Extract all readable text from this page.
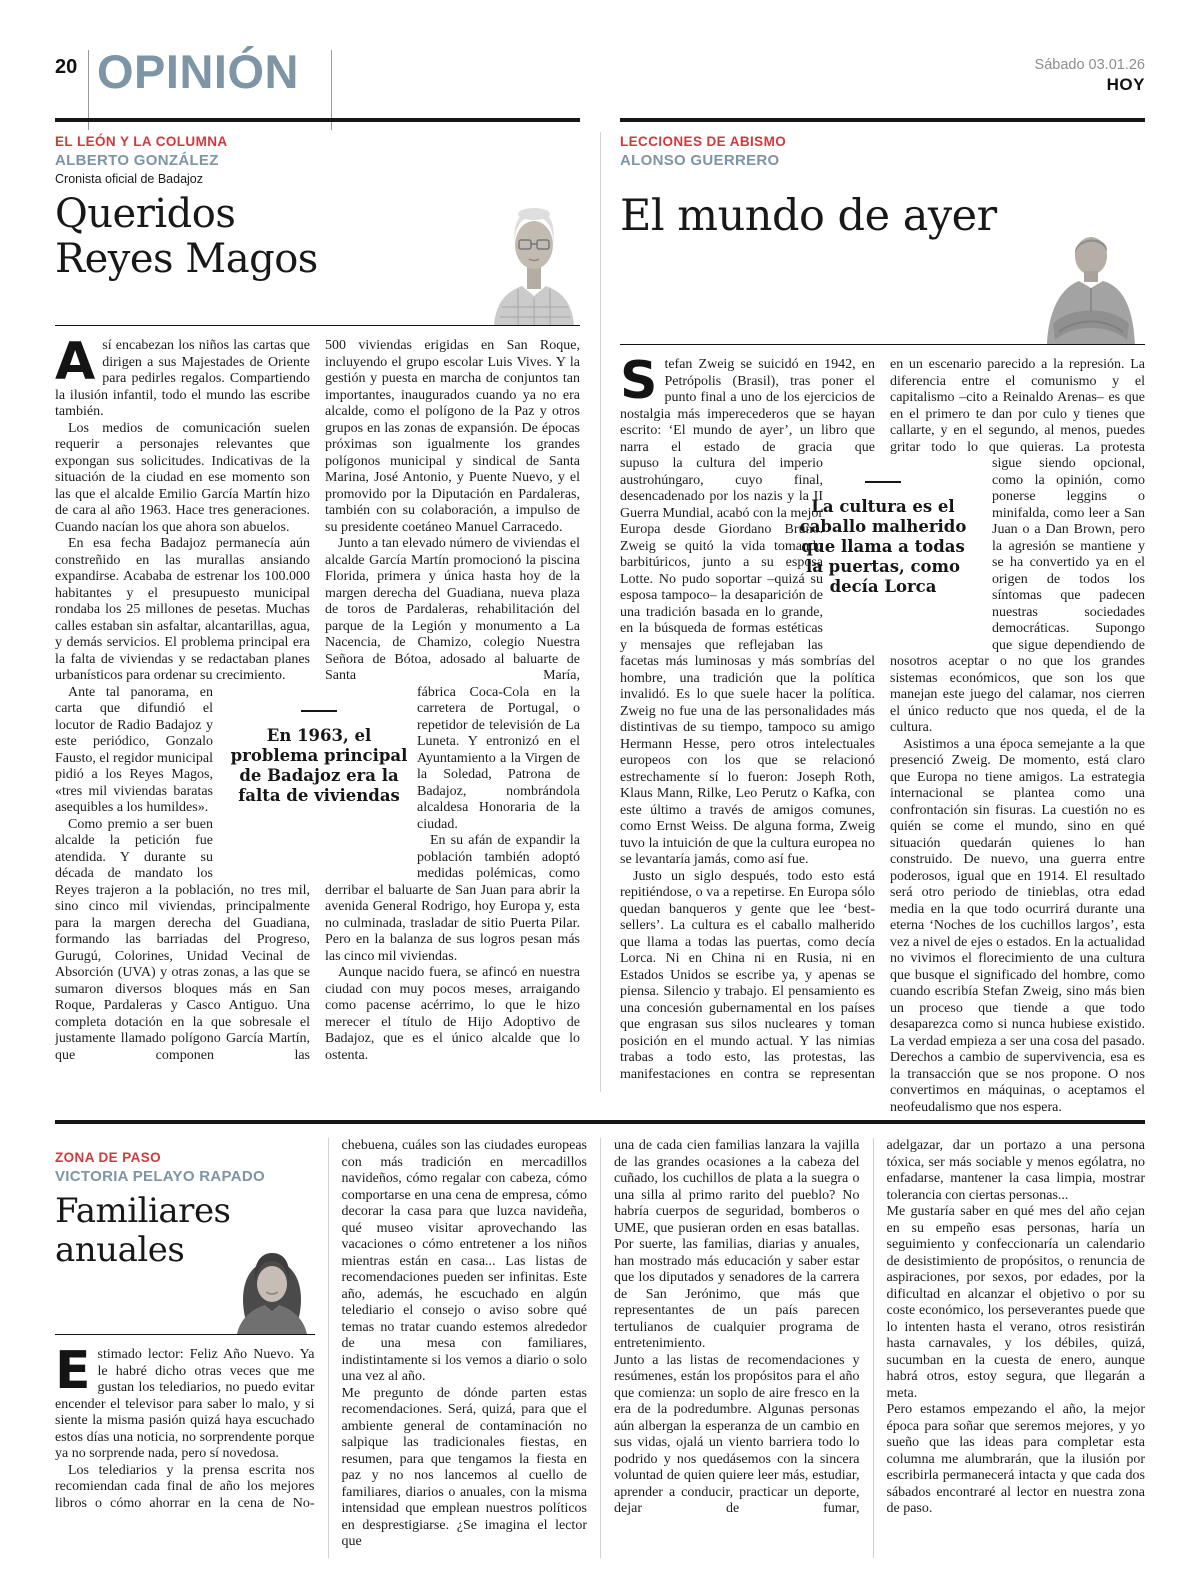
20 OPINIÓN	Sábado 03.01.26
HOY
EL LEÓN Y LA COLUMNA
ALBERTO GONZÁLEZ
Cronista oficial de Badajoz
Queridos Reyes Magos
En 1963, el problema principal de Badajoz era la falta de viviendas

Así encabezan los niños las cartas que dirigen a sus Majestades de Oriente para pedirles regalos. Compartiendo la ilusión infantil, todo el mundo las escribe también.

Los medios de comunicación suelen requerir a personajes relevantes que expongan sus solicitudes. Indicativas de la situación de la ciudad en ese momento son las que el alcalde Emilio García Martín hizo de cara al año 1963. Hace tres generaciones. Cuando nacían los que ahora son abuelos.

En esa fecha Badajoz permanecía aún constreñido en las murallas ansiando expandirse. Acababa de estrenar los 100.000 habitantes y el presupuesto municipal rondaba los 25 millones de pesetas. Muchas calles estaban sin asfaltar, alcantarillas, agua, y demás servicios. El problema principal era la falta de viviendas y se redactaban planes urbanísticos para ordenar su crecimiento.

Ante tal panorama, en carta que difundió el locutor de Radio Badajoz y este periódico, Gonzalo Fausto, el regidor municipal pidió a los Reyes Magos, «tres mil viviendas baratas asequibles a los humildes».

Como premio a ser buen alcalde la petición fue atendida. Y durante su década de mandato los Reyes trajeron a la población, no tres mil, sino cinco mil viviendas, principalmente para la margen derecha del Guadiana, formando las barriadas del Progreso, Gurugú, Colorines, Unidad Vecinal de Absorción (UVA) y otras zonas, a las que se sumaron diversos bloques más en San Roque, Pardaleras y Casco Antiguo. Una completa dotación en la que sobresale el justamente llamado polígono García Martín, que componen las

500 viviendas erigidas en San Roque, incluyendo el grupo escolar Luis Vives. Y la gestión y puesta en marcha de conjuntos tan importantes, inaugurados cuando ya no era alcalde, como el polígono de la Paz y otros grupos en las zonas de expansión. De épocas próximas son igualmente los grandes polígonos municipal y sindical de Santa Marina, José Antonio, y Puente Nuevo, y el promovido por la Diputación en Pardaleras, también con su colaboración, a impulso de su presidente coetáneo Manuel Carracedo.

Junto a tan elevado número de viviendas el alcalde García Martín promocionó la piscina Florida, primera y única hasta hoy de la margen derecha del Guadiana, nueva plaza de toros de Pardaleras, rehabilitación del parque de la Legión y monumento a La Nacencia, de Chamizo, colegio Nuestra Señora de Bótoa, adosado al baluarte de Santa María,

fábrica Coca-Cola en la carretera de Portugal, o repetidor de televisión de La Luneta. Y entronizó en el Ayuntamiento a la Virgen de la Soledad, Patrona de Badajoz, nombrándola alcaldesa Honoraria de la ciudad.

En su afán de expandir la población también adoptó medidas polémicas, como derribar el baluarte de San Juan para abrir la avenida General Rodrigo, hoy Europa y, esta no culminada, trasladar de sitio Puerta Pilar. Pero en la balanza de sus logros pesan más las cinco mil viviendas.

Aunque nacido fuera, se afincó en nuestra ciudad con muy pocos meses, arraigando como pacense acérrimo, lo que le hizo merecer el título de Hijo Adoptivo de Badajoz, que es el único alcalde que lo ostenta.

LECCIONES DE ABISMO
ALONSO GUERRERO
El mundo de ayer
La cultura es el caballo malherido que llama a todas la puertas, como decía Lorca

Stefan Zweig se suicidó en 1942, en Petrópolis (Brasil), tras poner el punto final a uno de los ejercicios de nostalgia más imperecederos que se hayan escrito: ‘El mundo de ayer’, un libro que narra el estado de gracia que

supuso la cultura del imperio austrohúngaro, cuyo final, desencadenado por los nazis y la II Guerra Mundial, acabó con la mejor Europa desde Giordano Bruno. Zweig se quitó la vida tomando barbitúricos, junto a su esposa Lotte. No pudo soportar –quizá su esposa tampoco– la desaparición de una tradición basada en lo grande, en la búsqueda de formas estéticas y mensajes que reflejaban las facetas más luminosas y más sombrías del hombre, una tradición que la política invalidó. Es lo que suele hacer la política. Zweig no fue una de las personalidades más distintivas de su tiempo, tampoco su amigo Hermann Hesse, pero otros intelectuales europeos con los que se relacionó estrechamente sí lo fueron: Joseph Roth, Klaus Mann, Rilke, Leo Perutz o Kafka, con este último a través de amigos comunes, como Ernst Weiss. De alguna forma, Zweig tuvo la intuición de que la cultura europea no se levantaría jamás, como así fue.

Justo un siglo después, todo esto está repitiéndose, o va a repetirse. En Europa sólo quedan banqueros y gente que lee ‘best-sellers’. La cultura es el caballo malherido que llama a todas las puertas, como decía Lorca. Ni en China ni en Rusia, ni en Estados Unidos se escribe ya, y apenas se piensa. Silencio y trabajo. El pensamiento es una concesión gubernamental en los países que engrasan sus silos nucleares y toman posición en el mundo actual. Y las nimias trabas a todo esto, las protestas, las manifestaciones en contra se representan

en un escenario parecido a la represión. La diferencia entre el comunismo y el capitalismo –cito a Reinaldo Arenas– es que en el primero te dan por culo y tienes que callarte, y en el segundo, al menos, puedes gritar todo lo que quieras. La protesta

sigue siendo opcional, como la opinión, como ponerse leggins o minifalda, como leer a San Juan o a Dan Brown, pero la agresión se mantiene y se ha convertido ya en el origen de todos los síntomas que padecen nuestras sociedades democráticas. Supongo que sigue dependiendo de nosotros aceptar o no que los grandes sistemas económicos, que son los que manejan este juego del calamar, nos cierren el único reducto que nos queda, el de la cultura.

Asistimos a una época semejante a la que presenció Zweig. De momento, está claro que Europa no tiene amigos. La estrategia internacional se plantea como una confrontación sin fisuras. La cuestión no es quién se come el mundo, sino en qué situación quedarán quienes lo han construido. De nuevo, una guerra entre poderosos, igual que en 1914. El resultado será otro periodo de tinieblas, otra edad media en la que todo ocurrirá durante una eterna ‘Noches de los cuchillos largos’, esta vez a nivel de ejes o estados. En la actualidad no vivimos el florecimiento de una cultura que busque el significado del hombre, como cuando escribía Stefan Zweig, sino más bien un proceso que tiende a que todo desaparezca como si nunca hubiese existido. La verdad empieza a ser una cosa del pasado. Derechos a cambio de supervivencia, esa es la transacción que se nos propone. O nos convertimos en máquinas, o aceptamos el neofeudalismo que nos espera.

ZONA DE PASO
VICTORIA PELAYO RAPADO
Familiares anuales

Estimado lector: Feliz Año Nuevo. Ya le habré dicho otras veces que me gustan los telediarios, no puedo evitar encender el televisor para saber lo malo, y si siente la misma pasión quizá haya escuchado estos días una noticia, no sorprendente porque ya no sorprende nada, pero sí novedosa.

Los telediarios y la prensa escrita nos recomiendan cada final de año los mejores libros o cómo ahorrar en la cena de No-

chebuena, cuáles son las ciudades europeas con más tradición en mercadillos navideños, cómo regalar con cabeza, cómo comportarse en una cena de empresa, cómo decorar la casa para que luzca navideña, qué museo visitar aprovechando las vacaciones o cómo entretener a los niños mientras están en casa... Las listas de recomendaciones pueden ser infinitas. Este año, además, he escuchado en algún telediario el consejo o aviso sobre qué temas no tratar cuando estemos alrededor de una mesa con familiares, indistintamente si los vemos a diario o solo una vez al año.

Me pregunto de dónde parten estas recomendaciones. Será, quizá, para que el ambiente general de contaminación no salpique las tradicionales fiestas, en resumen, para que tengamos la fiesta en paz y no nos lancemos al cuello de familiares, diarios o anuales, con la misma intensidad que emplean nuestros políticos en desprestigiarse. ¿Se imagina el lector que

una de cada cien familias lanzara la vajilla de las grandes ocasiones a la cabeza del cuñado, los cuchillos de plata a la suegra o una silla al primo rarito del pueblo? No habría cuerpos de seguridad, bomberos o UME, que pusieran orden en esas batallas. Por suerte, las familias, diarias y anuales, han mostrado más educación y saber estar que los diputados y senadores de la carrera de San Jerónimo, que más que representantes de un país parecen tertulianos de cualquier programa de entretenimiento.

Junto a las listas de recomendaciones y resúmenes, están los propósitos para el año que comienza: un soplo de aire fresco en la era de la podredumbre. Algunas personas aún albergan la esperanza de un cambio en sus vidas, ojalá un viento barriera todo lo podrido y nos quedásemos con la sincera voluntad de quien quiere leer más, estudiar, aprender a conducir, practicar un deporte, dejar de fumar,

adelgazar, dar un portazo a una persona tóxica, ser más sociable y menos ególatra, no enfadarse, mantener la casa limpia, mostrar tolerancia con ciertas personas...

Me gustaría saber en qué mes del año cejan en su empeño esas personas, haría un seguimiento y confeccionaría un calendario de desistimiento de propósitos, o renuncia de aspiraciones, por sexos, por edades, por la dificultad en alcanzar el objetivo o por su coste económico, los perseverantes puede que lo intenten hasta el verano, otros resistirán hasta carnavales, y los débiles, quizá, sucumban en la cuesta de enero, aunque habrá otros, estoy segura, que llegarán a meta.

Pero estamos empezando el año, la mejor época para soñar que seremos mejores, y yo sueño que las ideas para completar esta columna me alumbrarán, que la ilusión por escribirla permanecerá intacta y que cada dos sábados encontraré al lector en nuestra zona de paso.
